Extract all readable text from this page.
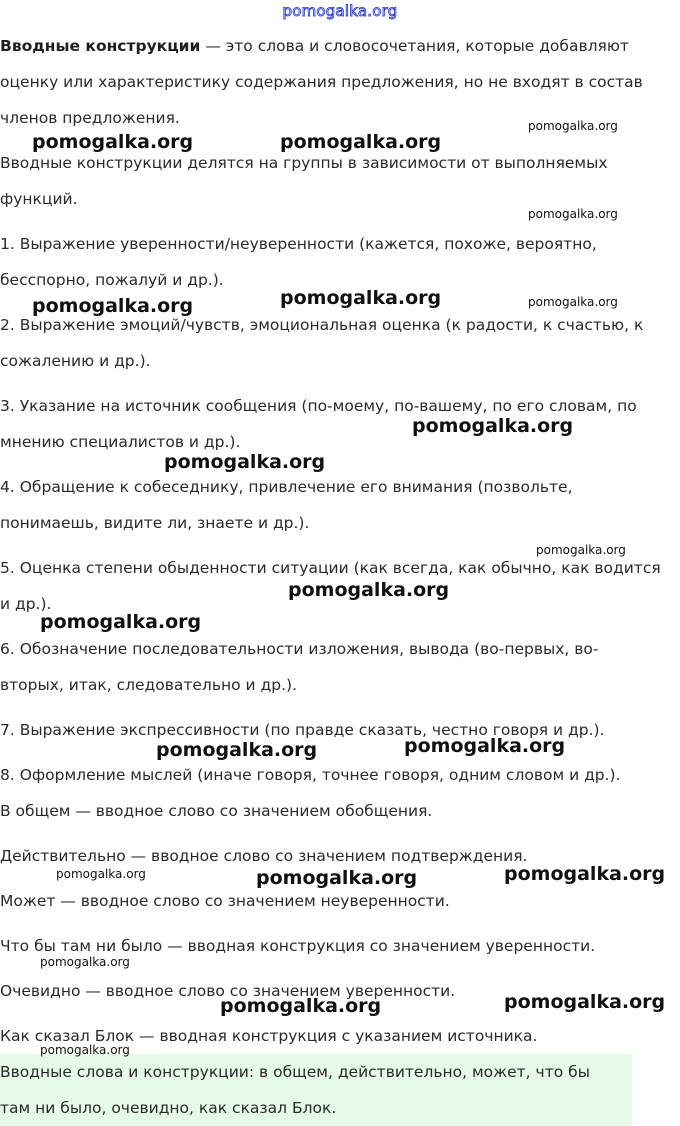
pomogalka.org

Вводные конструкции — это слова и словосочетания, которые добавляют

оценку или характеристику содержания предложения, но не входят в состав

членов предложения.

Вводные конструкции делятся на группы в зависимости от выполняемых

функций.

1. Выражение уверенности/неуверенности (кажется, похоже, вероятно,

бесспорно, пожалуй и др.).

2. Выражение эмоций/чувств, эмоциональная оценка (к радости, к счастью, к

сожалению и др.).

3. Указание на источник сообщения (по-моему, по-вашему, по его словам, по

мнению специалистов и др.).

4. Обращение к собеседнику, привлечение его внимания (позвольте,

понимаешь, видите ли, знаете и др.).

5. Оценка степени обыденности ситуации (как всегда, как обычно, как водится

и др.).

6. Обозначение последовательности изложения, вывода (во-первых, во-

вторых, итак, следовательно и др.).

7. Выражение экспрессивности (по правде сказать, честно говоря и др.).

8. Оформление мыслей (иначе говоря, точнее говоря, одним словом и др.).

В общем — вводное слово со значением обобщения.

Действительно — вводное слово со значением подтверждения.

Может — вводное слово со значением неуверенности.

Что бы там ни было — вводная конструкция со значением уверенности.

Очевидно — вводное слово со значением уверенности.

Как сказал Блок — вводная конструкция с указанием источника.

Вводные слова и конструкции: в общем, действительно, может, что бы

там ни было, очевидно, как сказал Блок.

pomogalka.org	pomogalka.org
pomogalka.org
pomogalka.org
pomogalka.org	pomogalka.org	pomogalka.org
pomogalka.org
pomogalka.org
pomogalka.org
pomogalka.org
pomogalka.org
pomogalka.org	pomogalka.org
pomogalka.org	pomogalka.org	pomogalka.org
pomogalka.org
pomogalka.org	pomogalka.org
pomogalka.org
